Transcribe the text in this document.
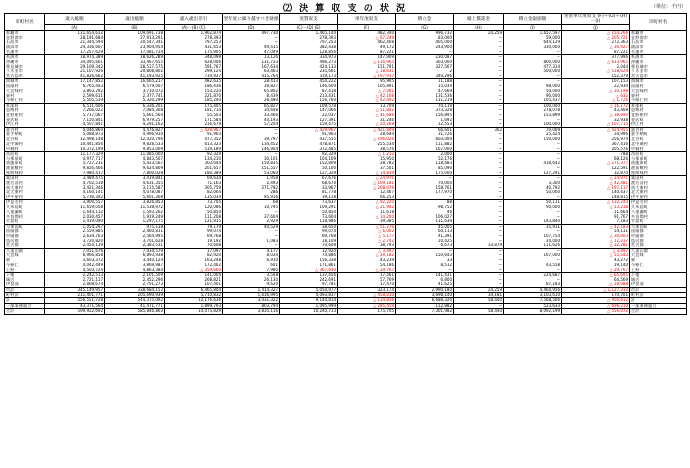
⑵ 決 算 収 支 の 状 況	（単位：千円）
市町村名	歳入総額	歳出総額	歳入歳出差引	翌年度に繰り越すべき財源	実質収支	単年度収支	積立金	繰上償還金	積立金取崩額	実質単年度収支 (F)＋(G)＋(H)－(I)	市町村名
	(A)	(B)	(A)－(B) (C)	(D)	(C)－(D) (E)	(F)	(G)	(H)	(I)	(J)	
那覇市	111,654,612	109,691,738	1,962,874	497,730	1,465,144	482,340	996,732	24,259	1,657,597	△ 154,266	那覇市
宜野湾市	28,191,684	27,913,291	278,393	−	278,393	△ 67,249	83,000	−	59,000	△ 205,721	宜野湾市
石垣市	21,344,594	20,547,341	797,253	−	797,253	462,408	405,000	−	644,129	272,363	石垣市
浦添市	24,336,607	23,904,954	431,653	49,415	382,438	49,172	243,900	−	330,000	△ 36,927	浦添市
名護市	17,257,629	17,081,724	175,905	47,049	128,856	87,221	−	−	−	87,221	名護市
糸満市	18,974,389	18,626,289	348,099	13,126	334,973	147,909	230,087	−	−	377,996	糸満市
沖縄市	34,095,661	33,467,655	628,006	131,733	496,273	△ 116,965	303,000	−	800,000	△ 613,965	沖縄市
豊見城市	29,109,342	28,517,575	591,767	167,634	424,133	151,791	327,567	−	477,314	2,044	豊見城市
うるま市	21,107,926	20,808,802	299,124	63,463	235,661	△ 18,631	2	−	500,000	△ 518,629	うるま市
宮古島市	41,826,662	41,193,925	734,937	415,764	319,173	△ 197,917	340,296	−	−	152,379	宮古島市
南城市	17,147,852	16,665,217	482,635	28,413	454,222	95,965	11,188	−	−	107,153	南城市
国頭村	6,765,443	6,579,007	186,436	39,827	146,609	105,891	15,039	−	98,000	22,930	国頭村
大宜味村	3,863,292	3,710,072	153,220	65,802	87,418	△ 7,061	47,669	−	50,000	△ 10,198	大宜味村
東村	2,599,611	2,377,741	221,870	8,439	213,431	△ 42,168	131,536	−	90,000	△ 632	東村
今帰仁村	5,505,539	5,320,299	185,240	28,480	156,760	△ 42,492	111,219	−	105,437	△ 1,726	今帰仁村
本部町	6,511,606	6,336,201	175,405	65,827	109,578	13,709	70,119	−	100,000	△ 16,172	本部町
恩納村	7,266,022	7,084,308	181,714	34,648	147,066	△ 51,842	373,328	−	278,078	43,408	恩納村
宜野座村	5,717,067	5,661,564	55,503	33,466	22,037	△ 41,686	156,895	−	153,899	△ 38,690	宜野座村
金武町	7,150,841	6,979,257	171,584	44,193	127,391	31,246	1,692	−	−	32,938	金武町
伊江村	4,507,841	4,291,162	216,679	57,204	159,475	△ 20,268	12,553	−	100,000	△ 107,715	伊江村
読谷村	4,046,860	4,476,827	△ 429,967	−	△ 429,967	△ 421,849	66,601	302	70,009	△ 424,955	読谷村
嘉手納町	5,088,873	4,996,910	91,963	−	91,963	28,694	31,726	−	25,424	34,996	嘉手納町
北谷町	12,498,148	12,020,796	477,352	39,797	437,555	△ 196,026	603,000	−	150,000	256,974	北谷町
北中城村	10,441,856	9,828,533	613,323	134,452	478,871	255,534	111,882	−	−	367,416	北中城村
中城村	10,372,199	9,853,009	519,189	146,904	372,485	38,576	167,000	−	−	205,576	中城村
西原町	11,177,329	11,085,000	92,329	−	92,329	△ 1,212	2,000	−	−	788	西原町
与那原町	4,977,717	4,843,507	134,210	30,101	104,109	15,950	52,176	−	−	68,126	与那原町
南風原町	5,727,211	5,423,567	303,644	150,835	152,809	28,782	118,483	−	418,642	△ 271,377	南風原町
渡嘉敷村	9,826,466	9,624,809	201,657	151,557	50,100	37,501	85,090	−	−	122,591	渡嘉敷村
座間味村	7,980,417	7,800,028	180,389	53,060	127,329	△ 14,839	175,000	−	127,291	32,870	座間味村
粟国村	3,489,475	3,419,841	69,634	1,958	67,676	△ 24,971	−	−	−	△ 24,971	粟国村
渡名喜村	4,702,518	4,631,355	71,163	2,493	68,670	△ 109,181	70,000	−	3,300	△ 42,481	渡名喜村
南大東村	3,421,346	3,115,587	305,759	271,792	33,967	△ 208,076	158,761	−	40,792	△ 197,117	南大東村
北大東村	4,160,141	4,078,087	82,064	286	81,778	12,467	177,970	−	50,000	140,437	北大東村
伊平屋村	5,736,342	5,601,308	135,034	95,916	39,118	66,253	−	−	−	148,815	伊平屋村
伊是名村	3,900,557	3,826,853	73,705	68	73,637	△ 92,220	88	−	50,111	△ 132,243	伊是名村
久米島町	11,659,058	11,538,972	120,086	10,795	109,291	△ 21,942	98,752	−	90,000	△ 13,218	久米島町
八重瀬町	1,644,112	1,593,262	50,850	−	50,850	11,618	46	−	−	11,664	八重瀬町
多良間村	2,030,457	1,919,249	111,208	37,604	73,604	△ 14,200	106,027	−	−	91,767	多良間村
竹富町	1,419,090	1,297,175	121,915	2,929	118,986	39,385	111,639	−	143,840	7,183	竹富町
与那国町	1,054,297	975,118	79,179	40,529	38,650	△ 51,276	45,005	−	35,911	△ 42,183	与那国町
国頭郡	2,559,885	2,460,811	99,074	−	99,074	△ 6,002	60,113	−	−	54,111	国頭郡
中頭郡	2,634,763	2,564,995	69,768	−	69,768	△ 5,177	41,391	−	107,754	△ 30,603	中頭郡
島尻郡	3,720,820	3,701,628	19,192	1,083	18,109	△ 2,742	10,425	−	20,000	△ 12,317	島尻郡
宮古郡	2,454,139	2,383,531	70,608	−	70,608	38,793	6,673	33,879	111,626	△ 32,281	宮古郡
八重山郡	7,051,676	7,034,579	17,097	4,177	12,920	△ 3,497	−	−	−	△ 3,497	八重山郡
大宜味	6,966,858	6,893,938	82,920	8,034	74,886	△ 39,182	150,643	−	167,000	△ 55,543	大宜味
東	3,603,372	3,440,124	163,248	6,910	156,338	43,239	33	−	−	43,272	東
今帰仁	4,042,449	3,869,987	172,462	601	171,861	54,186	8,512	−	43,558	19,140	今帰仁
上野	4,503,724	4,863,384	△ 359,660	7,980	△ 367,640	△ 29,767	−	−	−	△ 29,767	上野
下地	2,242,513	2,101,509	141,004	3,548	137,456	17,561	141,431	−	224,687	△ 65,695	下地
城辺	2,721,117	2,452,296	268,821	26,130	242,691	57,769	6,800	−	−	64,569	城辺
伊良部	2,808,674	2,701,273	107,401	9,620	97,781	17,470	41,625	−	87,183	△ 28,088	伊良部
市計	345,149,957	338,684,153	6,465,804	1,414,327	5,050,977	323,174	2,990,180	24,259	4,464,956	△ 1,127,313	市計
町村計	211,401,771	205,690,939	5,710,832	1,616,995	4,093,837	△ 458,010	3,698,140	34,181	3,103,610	170,701	町村計
計	556,551,728	544,375,092	12,176,636	3,031,322	9,144,814	△ 134,836	6,688,320	58,440	7,568,566	△ 956,612	計
一部事務組合	43,371,564	41,471,771	1,899,793	803,794	1,095,999	△ 285,459	112,882	−	523,633	△ 696,210	一部事務組合
合計	599,922,692	585,846,863	14,075,829	3,835,116	10,240,713	175,705	7,301,982	58,440	8,092,199	△ 556,072	合計
